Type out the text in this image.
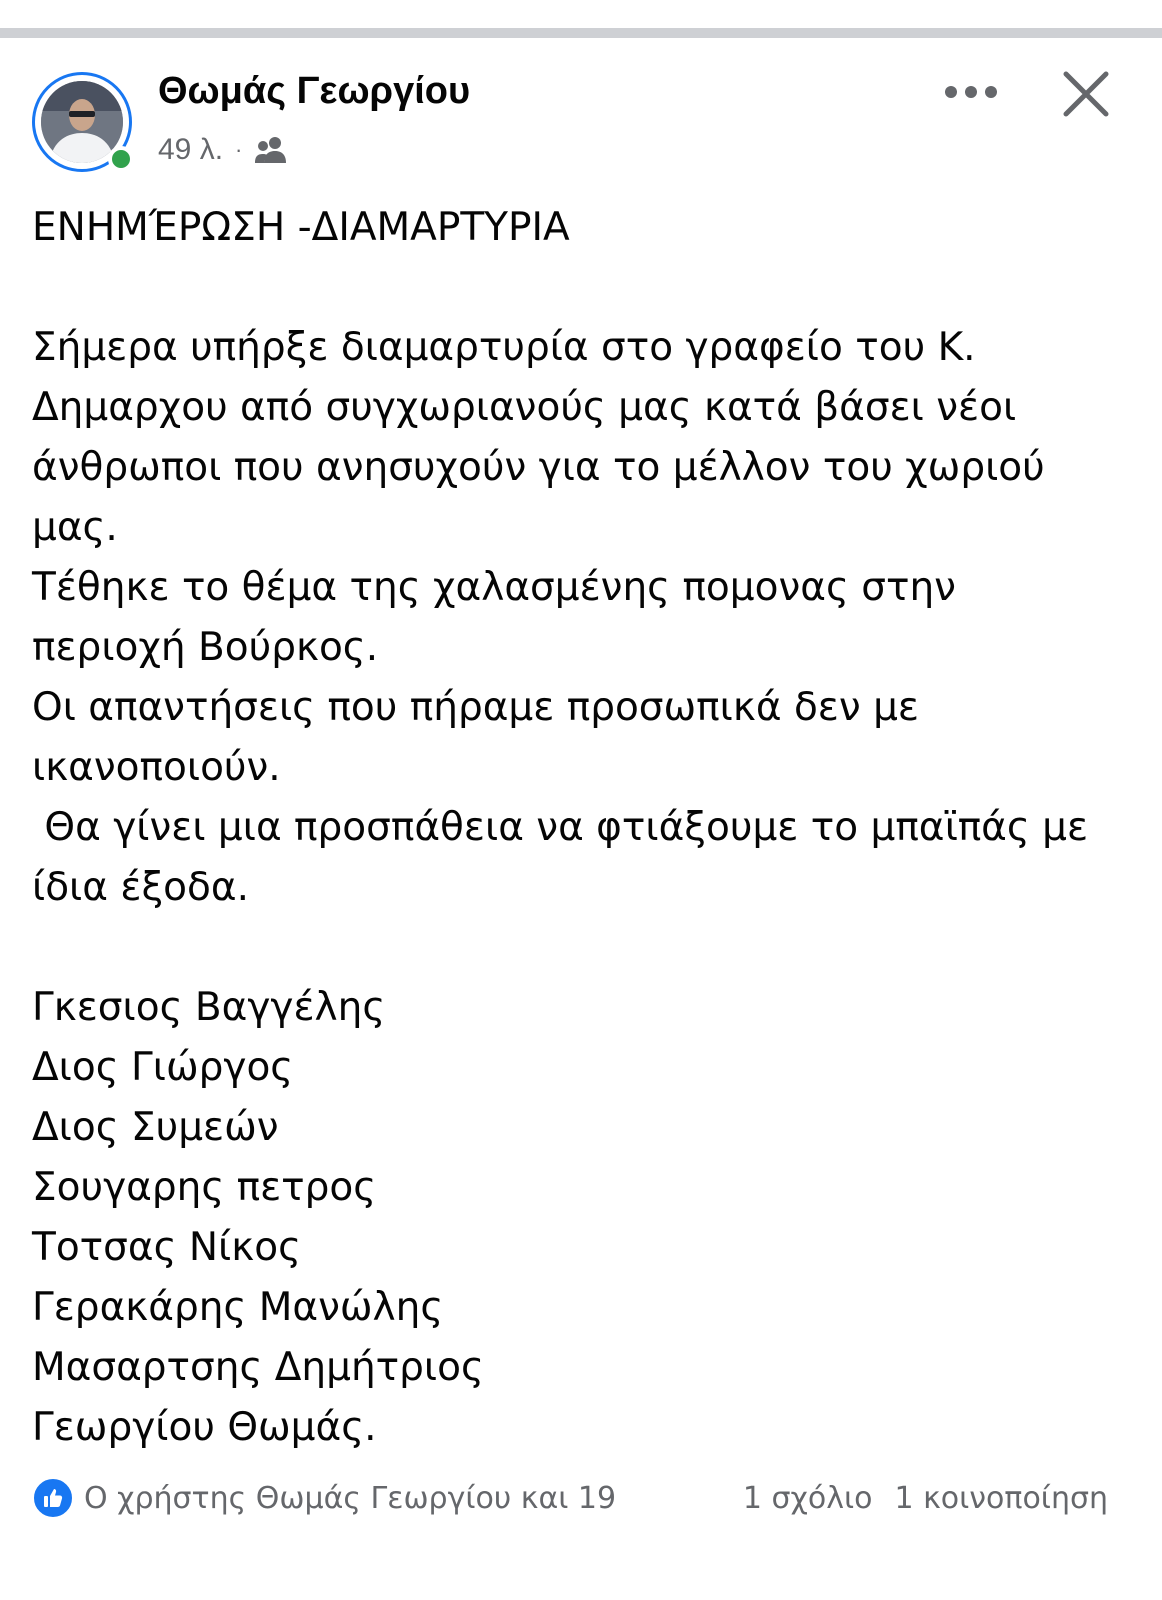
Θωμάς Γεωργίου
49 λ. ·
ΕΝΗΜΈΡΩΣΗ -ΔΙΑΜΑΡΤΥΡΙΑ
Σήμερα υπήρξε διαμαρτυρία στο γραφείο του Κ.
Δημαρχου από συγχωριανούς μας κατά βάσει νέοι
άνθρωποι που ανησυχούν για το μέλλον του χωριού
μας.
Τέθηκε το θέμα της χαλασμένης πομονας στην
περιοχή Βούρκος.
Οι απαντήσεις που πήραμε προσωπικά δεν με
ικανοποιούν.
Θα γίνει μια προσπάθεια να φτιάξουμε το μπαϊπάς με
ίδια έξοδα.
Γκεσιος Βαγγέλης
Διος Γιώργος
Διος Συμεών
Σουγαρης πετρος
Τοτσας Νίκος
Γερακάρης Μανώλης
Μασαρτσης Δημήτριος
Γεωργίου Θωμάς.
Ο χρήστης Θωμάς Γεωργίου και 19	1 σχόλιο 1 κοινοποίηση
